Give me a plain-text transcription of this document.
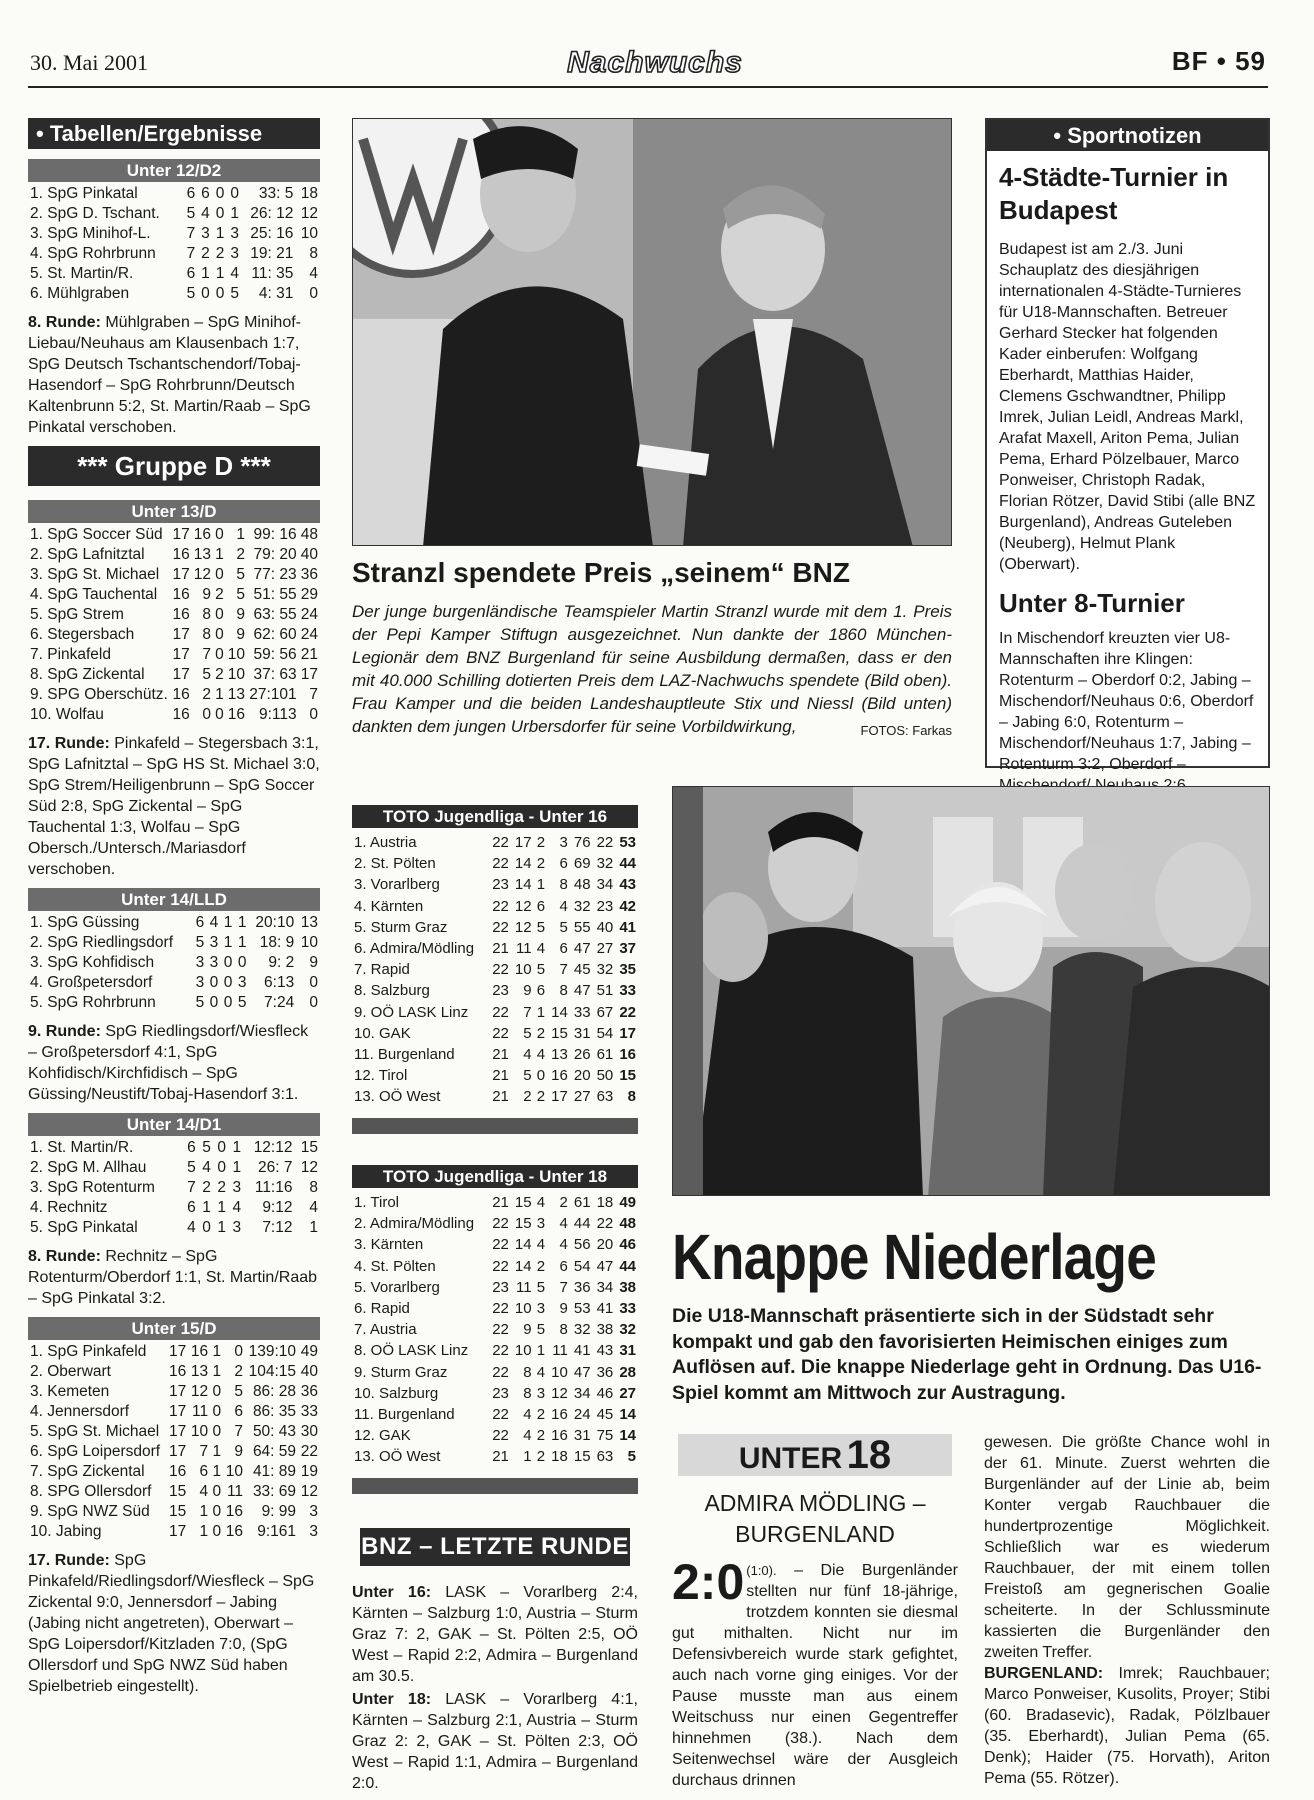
30. Mai 2001	Nachwuchs	BF • 59
• Tabellen/Ergebnisse
Unter 12/D2
1. SpG Pinkatal	6	6	0	0	33: 5	18
2. SpG D. Tschant.	5	4	0	1	26: 12	12
3. SpG Minihof-L.	7	3	1	3	25: 16	10
4. SpG Rohrbrunn	7	2	2	3	19: 21	8
5. St. Martin/R.	6	1	1	4	11: 35	4
6. Mühlgraben	5	0	0	5	4: 31	0

8. Runde: Mühlgraben – SpG Minihof-Liebau/Neuhaus am Klausenbach 1:7, SpG Deutsch Tschantschendorf/Tobaj-Hasendorf – SpG Rohrbrunn/Deutsch Kaltenbrunn 5:2, St. Martin/Raab – SpG Pinkatal verschoben.

*** Gruppe D ***
Unter 13/D
1. SpG Soccer Süd	17	16	0	1	99: 16	48
2. SpG Lafnitztal	16	13	1	2	79: 20	40
3. SpG St. Michael	17	12	0	5	77: 23	36
4. SpG Tauchental	16	9	2	5	51: 55	29
5. SpG Strem	16	8	0	9	63: 55	24
6. Stegersbach	17	8	0	9	62: 60	24
7. Pinkafeld	17	7	0	10	59: 56	21
8. SpG Zickental	17	5	2	10	37: 63	17
9. SPG Oberschütz.	16	2	1	13	27:101	7
10. Wolfau	16	0	0	16	9:113	0

17. Runde: Pinkafeld – Stegersbach 3:1, SpG Lafnitztal – SpG HS St. Michael 3:0, SpG Strem/Heiligenbrunn – SpG Soccer Süd 2:8, SpG Zickental – SpG Tauchental 1:3, Wolfau – SpG Obersch./Untersch./Mariasdorf verschoben.

Unter 14/LLD
1. SpG Güssing	6	4	1	1	20:10	13
2. SpG Riedlingsdorf	5	3	1	1	18: 9	10
3. SpG Kohfidisch	3	3	0	0	9: 2	9
4. Großpetersdorf	3	0	0	3	6:13	0
5. SpG Rohrbrunn	5	0	0	5	7:24	0

9. Runde: SpG Riedlingsdorf/Wiesfleck – Großpetersdorf 4:1, SpG Kohfidisch/Kirchfidisch – SpG Güssing/Neustift/Tobaj-Hasendorf 3:1.

Unter 14/D1
1. St. Martin/R.	6	5	0	1	12:12	15
2. SpG M. Allhau	5	4	0	1	26: 7	12
3. SpG Rotenturm	7	2	2	3	11:16	8
4. Rechnitz	6	1	1	4	9:12	4
5. SpG Pinkatal	4	0	1	3	7:12	1

8. Runde: Rechnitz – SpG Rotenturm/Oberdorf 1:1, St. Martin/Raab – SpG Pinkatal 3:2.

Unter 15/D
1. SpG Pinkafeld	17	16	1	0	139:10	49
2. Oberwart	16	13	1	2	104:15	40
3. Kemeten	17	12	0	5	86: 28	36
4. Jennersdorf	17	11	0	6	86: 35	33
5. SpG St. Michael	17	10	0	7	50: 43	30
6. SpG Loipersdorf	17	7	1	9	64: 59	22
7. SpG Zickental	16	6	1	10	41: 89	19
8. SPG Ollersdorf	15	4	0	11	33: 69	12
9. SpG NWZ Süd	15	1	0	16	9: 99	3
10. Jabing	17	1	0	16	9:161	3

17. Runde: SpG Pinkafeld/Riedlingsdorf/Wiesfleck – SpG Zickental 9:0, Jennersdorf – Jabing (Jabing nicht angetreten), Oberwart – SpG Loipersdorf/Kitzladen 7:0, (SpG Ollersdorf und SpG NWZ Süd haben Spielbetrieb eingestellt).

Stranzl spendete Preis „seinem“ BNZ

Der junge burgenländische Teamspieler Martin Stranzl wurde mit dem 1. Preis der Pepi Kamper Stiftugn ausgezeichnet. Nun dankte der 1860 München-Legionär dem BNZ Burgenland für seine Ausbildung dermaßen, dass er den mit 40.000 Schilling dotierten Preis dem LAZ-Nachwuchs spendete (Bild oben). Frau Kamper und die beiden Landeshauptleute Stix und Niessl (Bild unten) dankten dem jungen Urbersdorfer für seine Vorbildwirkung,	FOTOS: Farkas

• Sportnotizen
4-Städte-Turnier in Budapest

Budapest ist am 2./3. Juni Schauplatz des diesjährigen internationalen 4-Städte-Turnieres für U18-Mannschaften. Betreuer Gerhard Stecker hat folgenden Kader einberufen: Wolfgang Eberhardt, Matthias Haider, Clemens Gschwandtner, Philipp Imrek, Julian Leidl, Andreas Markl, Arafat Maxell, Ariton Pema, Julian Pema, Erhard Pölzelbauer, Marco Ponweiser, Christoph Radak, Florian Rötzer, David Stibi (alle BNZ Burgenland), Andreas Guteleben (Neuberg), Helmut Plank (Oberwart).

Unter 8-Turnier

In Mischendorf kreuzten vier U8-Mannschaften ihre Klingen: Rotenturm – Oberdorf 0:2, Jabing – Mischendorf/Neuhaus 0:6, Oberdorf – Jabing 6:0, Rotenturm – Mischendorf/Neuhaus 1:7, Jabing – Rotenturm 3:2, Oberdorf –

TOTO Jugendliga - Unter 16
1. Austria	22	17	2	3	76	22	53
2. St. Pölten	22	14	2	6	69	32	44
3. Vorarlberg	23	14	1	8	48	34	43
4. Kärnten	22	12	6	4	32	23	42
5. Sturm Graz	22	12	5	5	55	40	41
6. Admira/Mödling	21	11	4	6	47	27	37
7. Rapid	22	10	5	7	45	32	35
8. Salzburg	23	9	6	8	47	51	33
9. OÖ LASK Linz	22	7	1	14	33	67	22
10. GAK	22	5	2	15	31	54	17
11. Burgenland	21	4	4	13	26	61	16
12. Tirol	21	5	0	16	20	50	15
13. OÖ West	21	2	2	17	27	63	8
TOTO Jugendliga - Unter 18
1. Tirol	21	15	4	2	61	18	49
2. Admira/Mödling	22	15	3	4	44	22	48
3. Kärnten	22	14	4	4	56	20	46
4. St. Pölten	22	14	2	6	54	47	44
5. Vorarlberg	23	11	5	7	36	34	38
6. Rapid	22	10	3	9	53	41	33
7. Austria	22	9	5	8	32	38	32
8. OÖ LASK Linz	22	10	1	11	41	43	31
9. Sturm Graz	22	8	4	10	47	36	28
10. Salzburg	23	8	3	12	34	46	27
11. Burgenland	22	4	2	16	24	45	14
12. GAK	22	4	2	16	31	75	14
13. OÖ West	21	1	2	18	15	63	5
BNZ – LETZTE RUNDE

Unter 16: LASK – Vorarlberg 2:4, Kärnten – Salzburg 1:0, Austria – Sturm Graz 7: 2, GAK – St. Pölten 2:5, OÖ West – Rapid 2:2, Admira – Burgenland am 30.5.

Unter 18: LASK – Vorarlberg 4:1, Kärnten – Salzburg 2:1, Austria – Sturm Graz 2: 2, GAK – St. Pölten 2:3, OÖ West – Rapid 1:1, Admira – Burgenland 2:0.

Knappe Niederlage

Die U18-Mannschaft präsentierte sich in der Südstadt sehr kompakt und gab den favorisierten Heimischen einiges zum Auflösen auf. Die knappe Niederlage geht in Ordnung. Das U16-Spiel kommt am Mittwoch zur Austragung.

UNTER 18
ADMIRA MÖDLING –
BURGENLAND

2:0 $^{(1:0).}$ – Die Burgenländer stellten nur fünf 18-jährige, trotzdem konnten sie diesmal gut mithalten. Nicht nur im Defensivbereich wurde stark gefightet, auch nach vorne ging einiges. Vor der Pause musste man aus einem Weitschuss nur einen Gegentreffer hinnehmen (38.). Nach dem Seitenwechsel wäre der Ausgleich durchaus drinnen

gewesen. Die größte Chance wohl in der 61. Minute. Zuerst wehrten die Burgenländer auf der Linie ab, beim Konter vergab Rauchbauer die hundertprozentige Möglichkeit. Schließlich war es wiederum Rauchbauer, der mit einem tollen Freistoß am gegnerischen Goalie scheiterte. In der Schlussminute kassierten die Burgenländer den zweiten Treffer.

BURGENLAND: Imrek; Rauchbauer; Marco Ponweiser, Kusolits, Proyer; Stibi (60. Bradasevic), Radak, Pölzlbauer (35. Eberhardt), Julian Pema (65. Denk); Haider (75. Horvath), Ariton Pema (55. Rötzer).
